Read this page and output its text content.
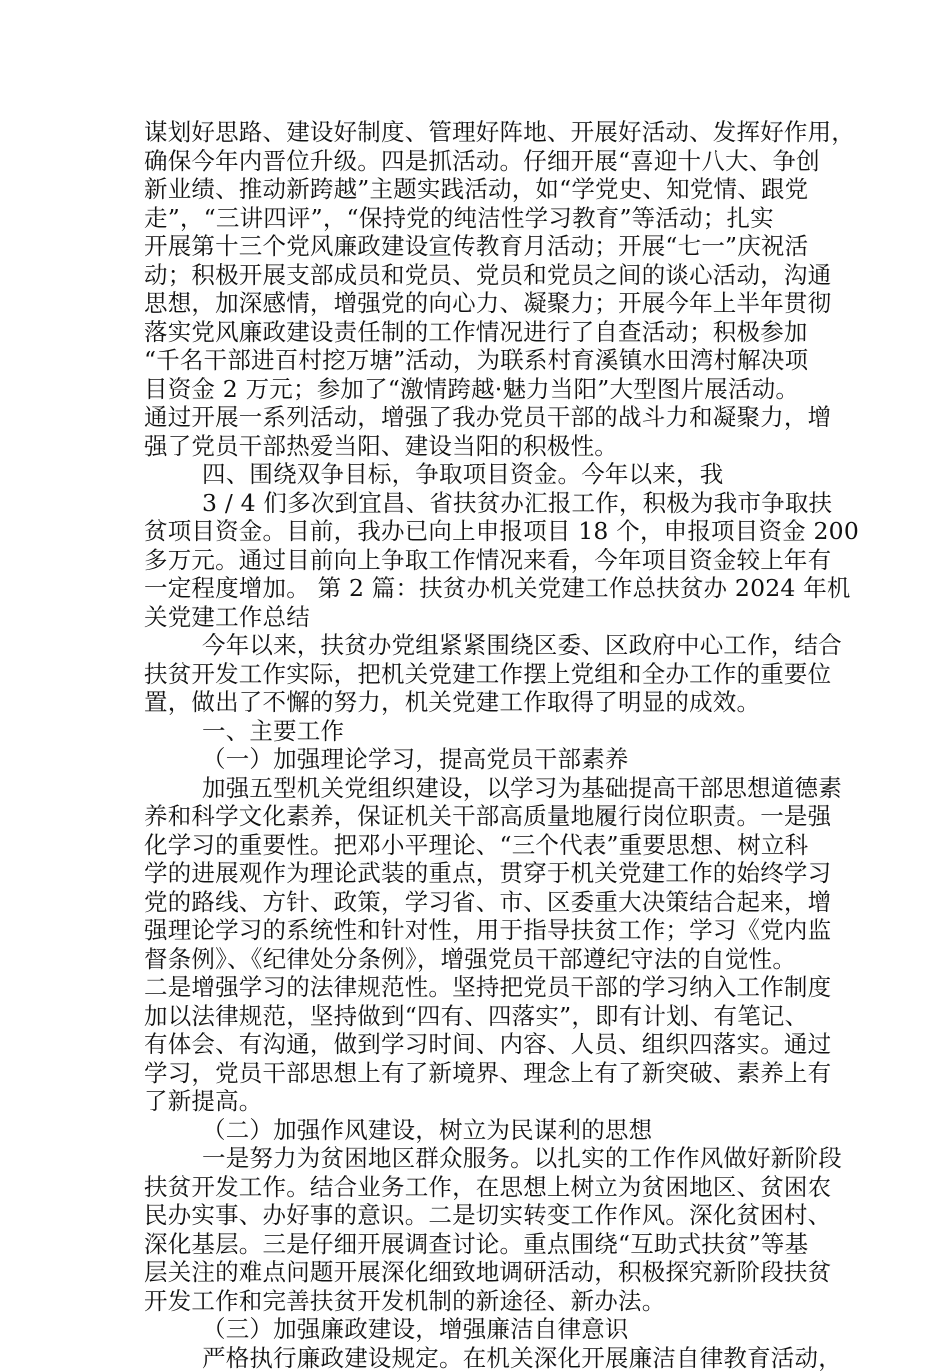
谋划好思路、建设好制度、管理好阵地、开展好活动、发挥好作用，
确保今年内晋位升级。四是抓活动。仔细开展“喜迎十八大、争创
新业绩、推动新跨越”主题实践活动，如“学党史、知党情、跟党
走”，“三讲四评”，“保持党的纯洁性学习教育”等活动；扎实
开展第十三个党风廉政建设宣传教育月活动；开展“七一”庆祝活
动；积极开展支部成员和党员、党员和党员之间的谈心活动，沟通
思想，加深感情，增强党的向心力、凝聚力；开展今年上半年贯彻
落实党风廉政建设责任制的工作情况进行了自查活动；积极参加
“千名干部进百村挖万塘”活动，为联系村育溪镇水田湾村解决项
目资金 2 万元；参加了“激情跨越·魅力当阳”大型图片展活动。
通过开展一系列活动，增强了我办党员干部的战斗力和凝聚力，增
强了党员干部热爱当阳、建设当阳的积极性。
四、围绕双争目标，争取项目资金。今年以来，我
3 / 4 们多次到宜昌、省扶贫办汇报工作，积极为我市争取扶
贫项目资金。目前，我办已向上申报项目 18 个，申报项目资金 200
多万元。通过目前向上争取工作情况来看，今年项目资金较上年有
一定程度增加。 第 2 篇：扶贫办机关党建工作总扶贫办 2024 年机
关党建工作总结
今年以来，扶贫办党组紧紧围绕区委、区政府中心工作，结合
扶贫开发工作实际，把机关党建工作摆上党组和全办工作的重要位
置，做出了不懈的努力，机关党建工作取得了明显的成效。
一、主要工作
（一）加强理论学习，提高党员干部素养
加强五型机关党组织建设，以学习为基础提高干部思想道德素
养和科学文化素养，保证机关干部高质量地履行岗位职责。一是强
化学习的重要性。把邓小平理论、“三个代表”重要思想、树立科
学的进展观作为理论武装的重点，贯穿于机关党建工作的始终学习
党的路线、方针、政策，学习省、市、区委重大决策结合起来，增
强理论学习的系统性和针对性，用于指导扶贫工作；学习《党内监
督条例》、《纪律处分条例》，增强党员干部遵纪守法的自觉性。
二是增强学习的法律规范性。坚持把党员干部的学习纳入工作制度
加以法律规范，坚持做到“四有、四落实”，即有计划、有笔记、
有体会、有沟通，做到学习时间、内容、人员、组织四落实。通过
学习，党员干部思想上有了新境界、理念上有了新突破、素养上有
了新提高。
（二）加强作风建设，树立为民谋利的思想
一是努力为贫困地区群众服务。以扎实的工作作风做好新阶段
扶贫开发工作。结合业务工作，在思想上树立为贫困地区、贫困农
民办实事、办好事的意识。二是切实转变工作作风。深化贫困村、
深化基层。三是仔细开展调查讨论。重点围绕“互助式扶贫”等基
层关注的难点问题开展深化细致地调研活动，积极探究新阶段扶贫
开发工作和完善扶贫开发机制的新途径、新办法。
（三）加强廉政建设，增强廉洁自律意识
严格执行廉政建设规定。在机关深化开展廉洁自律教育活动，
